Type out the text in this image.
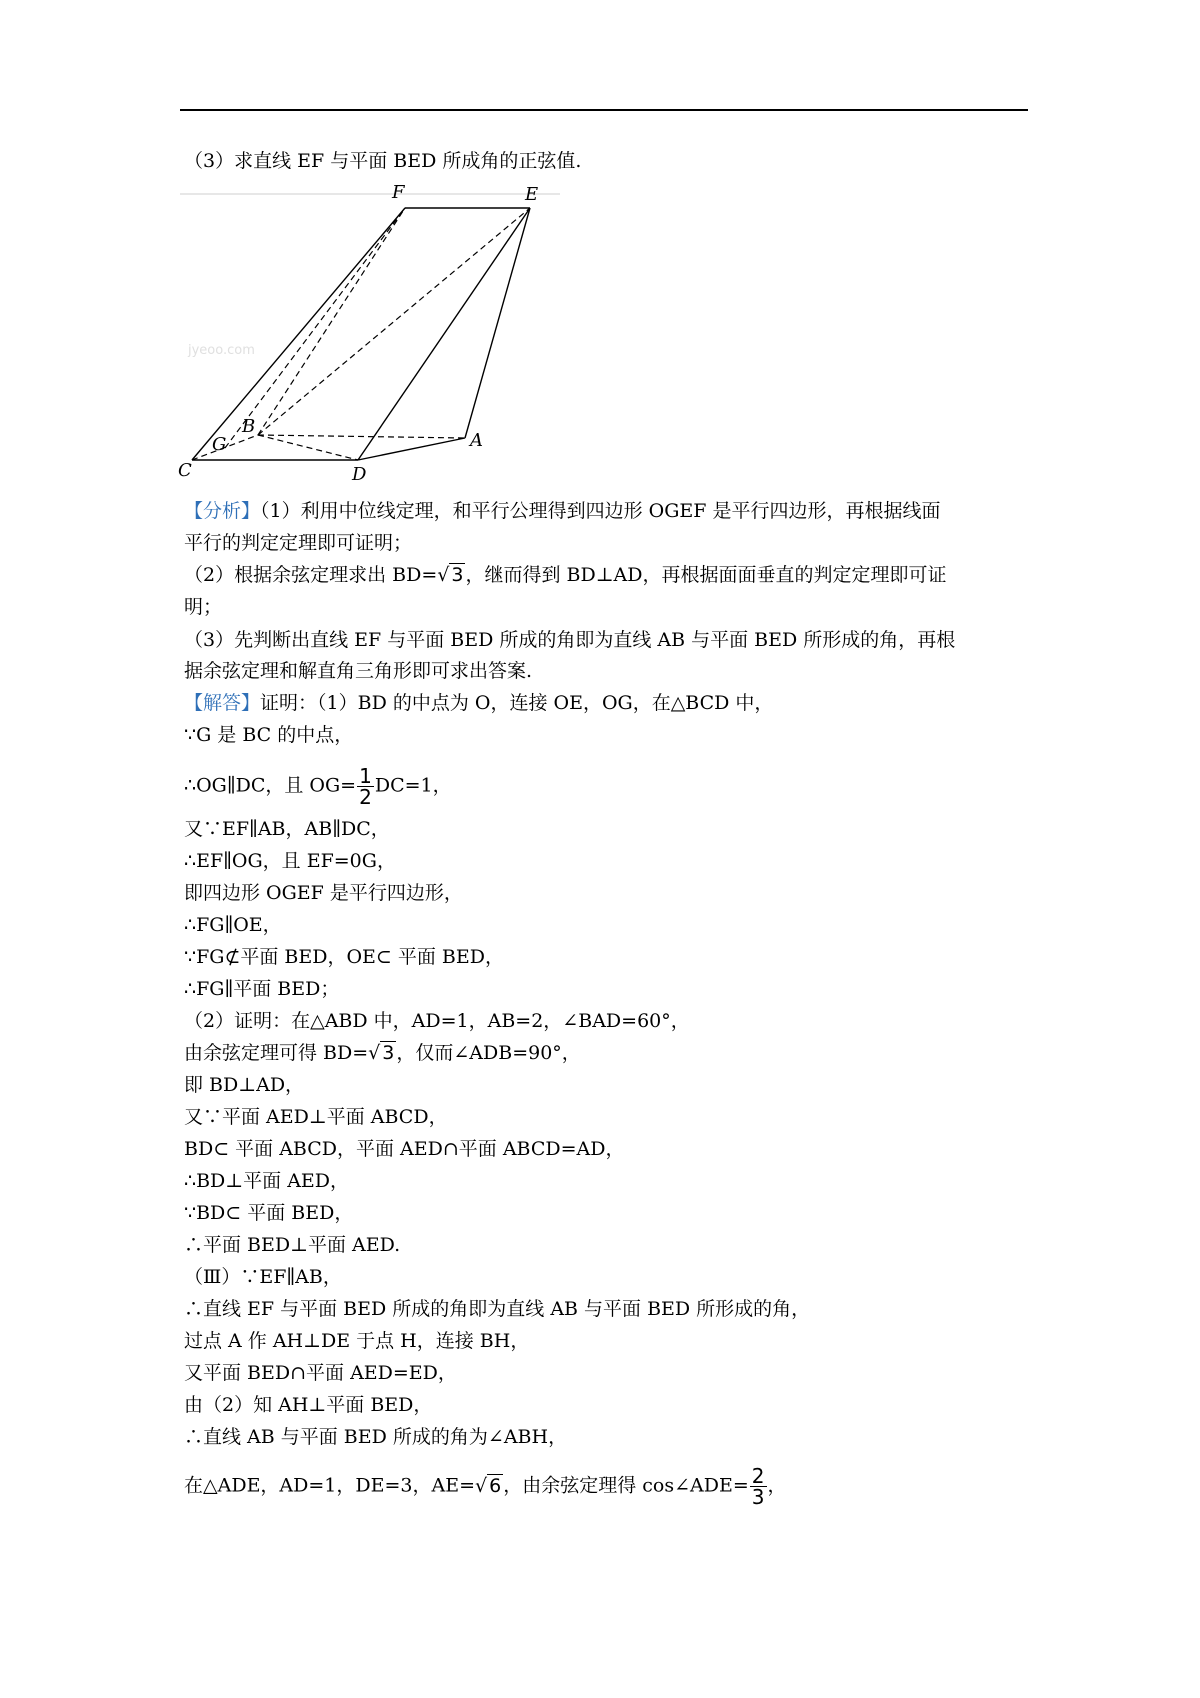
（3）求直线 EF 与平面 BED 所成角的正弦值.
jyeoo.com
F	E
B
A
G
C	D
【分析】（1）利用中位线定理，和平行公理得到四边形 OGEF 是平行四边形，再根据线面
平行的判定定理即可证明；
（2）根据余弦定理求出 BD=√ 3 ，继而得到 BD⊥AD，再根据面面垂直的判定定理即可证
明；
（3）先判断出直线 EF 与平面 BED 所成的角即为直线 AB 与平面 BED 所形成的角，再根
据余弦定理和解直角三角形即可求出答案.
【解答】证明：（1）BD 的中点为 O，连接 OE，OG，在△BCD 中，
∵G 是 BC 的中点，
∴OG∥DC，且 $OG= \frac{1}{2} DC=1$，
又∵EF∥AB，AB∥DC，
∴EF∥OG，且 EF=0G，
即四边形 OGEF 是平行四边形，
∴FG∥OE，
∵FG⊄平面 BED，OE⊂ 平面 BED，
∴FG∥平面 BED；
（2）证明：在△ABD 中，AD=1，AB=2，∠BAD=60°，
由余弦定理可得 BD=√ 3 ，仅而∠ADB=90°，
即 BD⊥AD，
又∵平面 AED⊥平面 ABCD，
BD⊂ 平面 ABCD，平面 AED∩平面 ABCD=AD，
∴BD⊥平面 AED，
∵BD⊂ 平面 BED，
∴平面 BED⊥平面 AED.
（Ⅲ）∵EF∥AB，
∴直线 EF 与平面 BED 所成的角即为直线 AB 与平面 BED 所形成的角，
过点 A 作 AH⊥DE 于点 H，连接 BH，
又平面 BED∩平面 AED=ED，
由（2）知 AH⊥平面 BED，
∴直线 AB 与平面 BED 所成的角为∠ABH，
在△ADE，AD=1，DE=3，AE=√ 6 ，由余弦定理得 cos∠ADE= $\frac{2}{3}$ ，
